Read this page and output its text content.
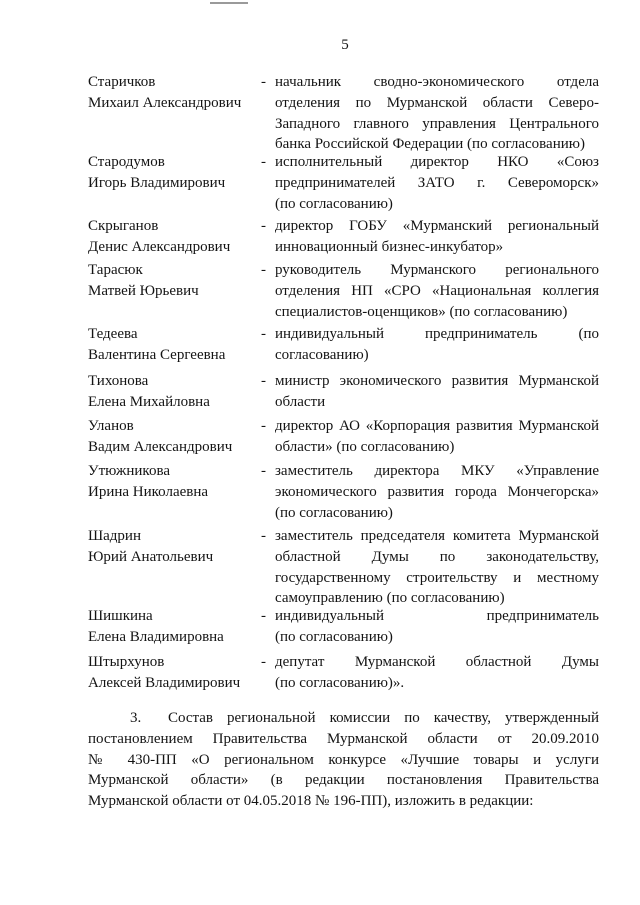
5
Старичков
Михаил Александрович
- начальник сводно-экономического отдела
отделения по Мурманской области Северо-
Западного главного управления Центрального
банка Российской Федерации (по согласованию)
Стародумов
Игорь Владимирович
- исполнительный директор НКО «Союз
предпринимателей ЗАТО г. Североморск»
(по согласованию)
Скрыганов
Денис Александрович
- директор ГОБУ «Мурманский региональный
инновационный бизнес-инкубатор»
Тарасюк
Матвей Юрьевич
- руководитель Мурманского регионального
отделения НП «СРО «Национальная коллегия
специалистов-оценщиков» (по согласованию)
Тедеева
Валентина Сергеевна
- индивидуальный предприниматель (по
согласованию)
Тихонова
Елена Михайловна
- министр экономического развития Мурманской
области
Уланов
Вадим Александрович
- директор АО «Корпорация развития Мурманской
области» (по согласованию)
Утюжникова
Ирина Николаевна
- заместитель директора МКУ «Управление
экономического развития города Мончегорска»
(по согласованию)
Шадрин
Юрий Анатольевич
- заместитель председателя комитета Мурманской
областной Думы по законодательству,
государственному строительству и местному
самоуправлению (по согласованию)
Шишкина
Елена Владимировна
- индивидуальный предприниматель
(по согласованию)
Штырхунов
Алексей Владимирович
- депутат Мурманской областной Думы
(по согласованию)».
3. Состав региональной комиссии по качеству, утвержденный
постановлением Правительства Мурманской области от 20.09.2010
№ 430-ПП «О региональном конкурсе «Лучшие товары и услуги
Мурманской области» (в редакции постановления Правительства
Мурманской области от 04.05.2018 № 196-ПП), изложить в редакции:
